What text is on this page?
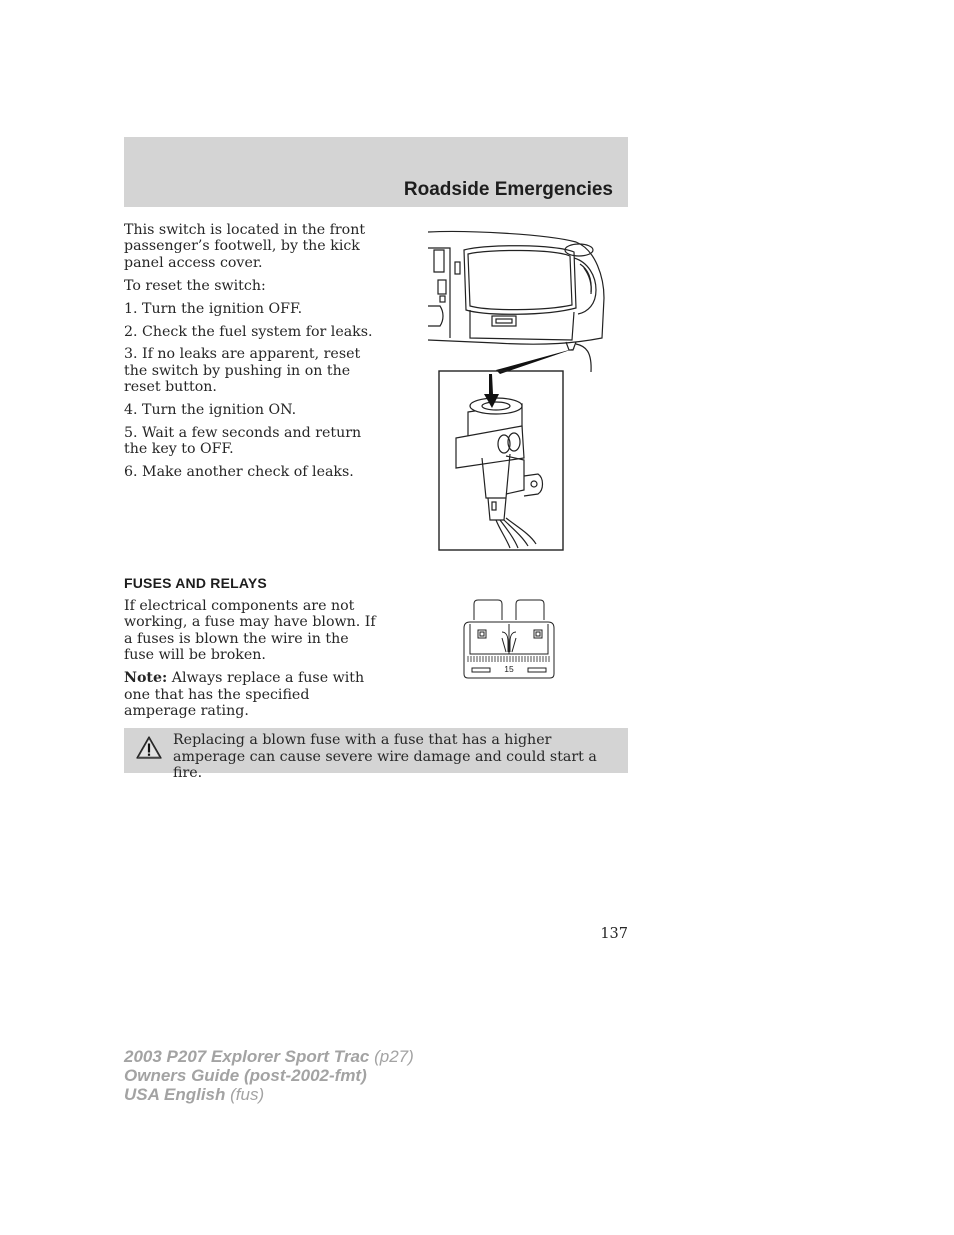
Roadside Emergencies

This switch is located in the front passenger’s footwell, by the kick panel access cover.

To reset the switch:

1. Turn the ignition OFF.

2. Check the fuel system for leaks.

3. If no leaks are apparent, reset the switch by pushing in on the reset button.

4. Turn the ignition ON.

5. Wait a few seconds and return the key to OFF.

6. Make another check of leaks.

FUSES AND RELAYS

If electrical components are not working, a fuse may have blown. If a fuses is blown the wire in the fuse will be broken.

Note: Always replace a fuse with one that has the specified amperage rating.

15
Replacing a blown fuse with a fuse that has a higher amperage can cause severe wire damage and could start a fire.
137
2003 P207 Explorer Sport Trac (p27)
Owners Guide (post-2002-fmt)
USA English (fus)
